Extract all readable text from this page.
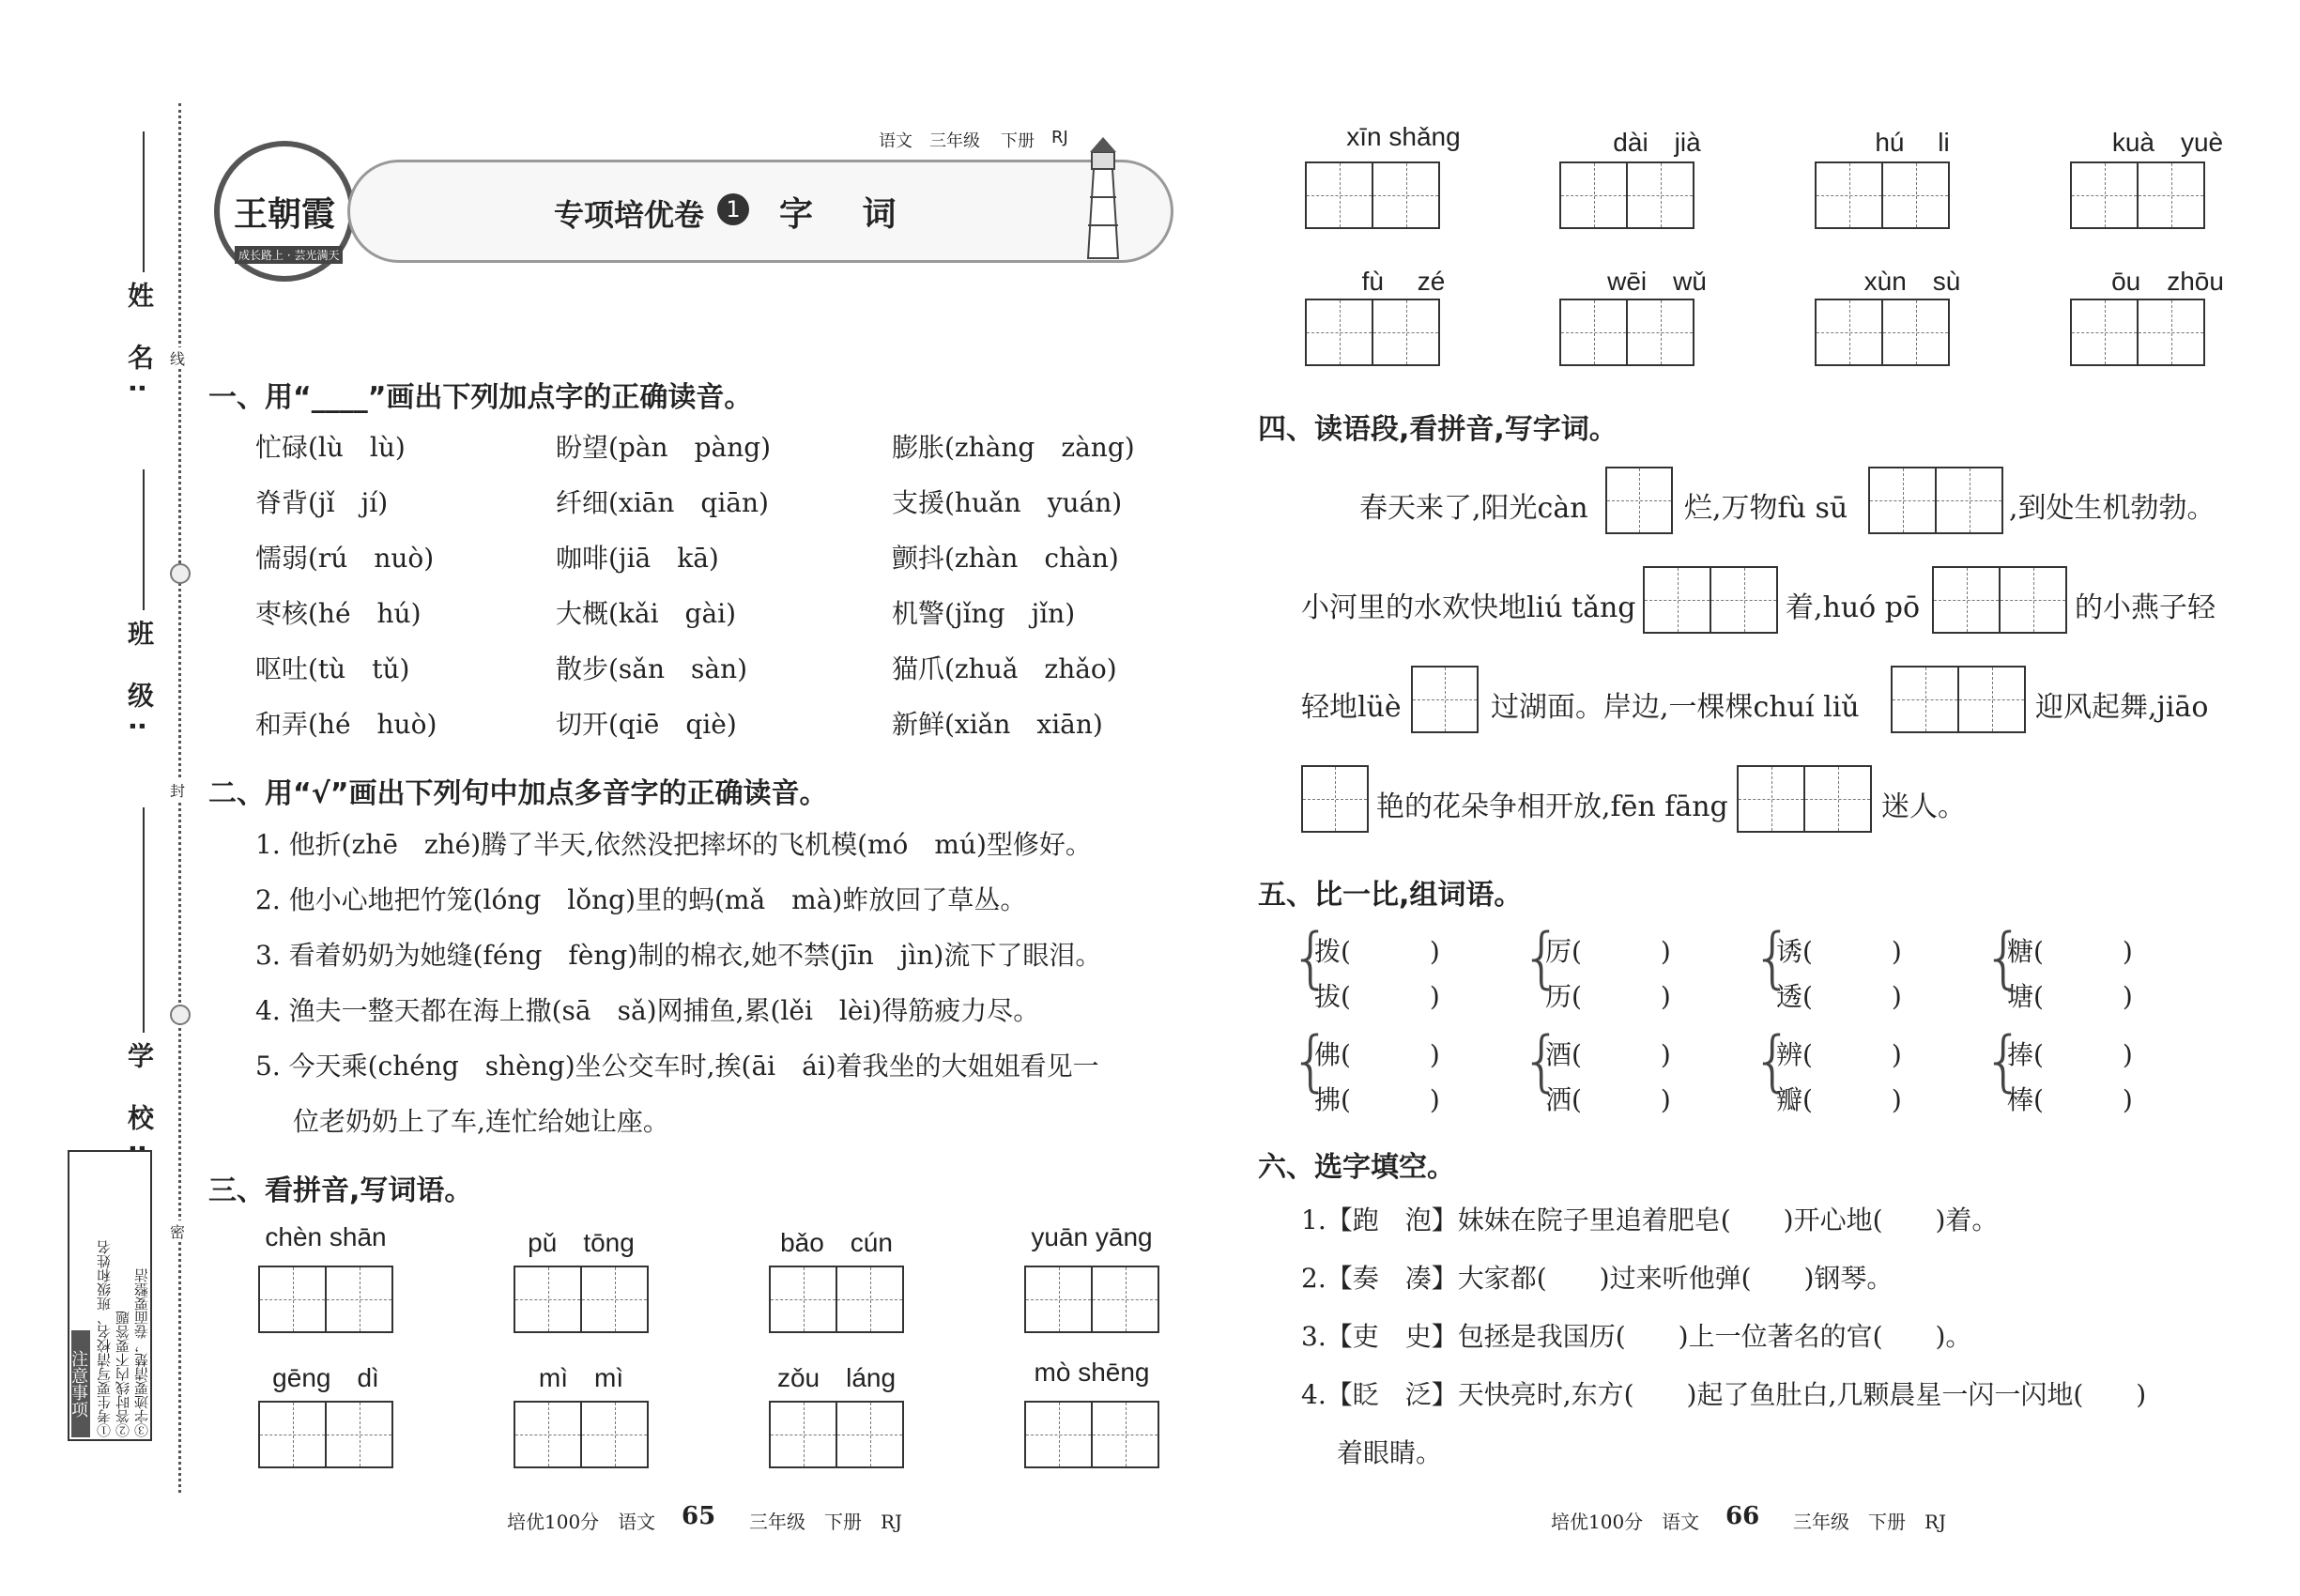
姓 名:
班 级:
学 校:
线
封
密
注意事项 ①考生要写清校名、班级和姓名 ②答时线内不要答题 ③字迹要清楚，卷面要整洁
王朝霞
成长路上 · 芸光满天
语文 三年级 下册 RJ
专项培优卷 1 字 词
一、用“____”画出下列加点字的正确读音。
忙碌(lù　lù)	盼望(pàn　pàng)	膨胀(zhàng　zàng)
脊背(jǐ　jí)	纤细(xiān　qiān)	支援(huǎn　yuán)
懦弱(rú　nuò)	咖啡(jiā　kā)	颤抖(zhàn　chàn)
枣核(hé　hú)	大概(kǎi　gài)	机警(jǐng　jǐn)
呕吐(tù　tǔ)	散步(sǎn　sàn)	猫爪(zhuǎ　zhǎo)
和弄(hé　huò)	切开(qiē　qiè)	新鲜(xiǎn　xiān)
二、用“√”画出下列句中加点多音字的正确读音。
1. 他折(zhē　zhé)腾了半天,依然没把摔坏的飞机模(mó　mú)型修好。
2. 他小心地把竹笼(lóng　lǒng)里的蚂(mǎ　mà)蚱放回了草丛。
3. 看着奶奶为她缝(féng　fèng)制的棉衣,她不禁(jīn　jìn)流下了眼泪。
4. 渔夫一整天都在海上撒(sā　sǎ)网捕鱼,累(lěi　lèi)得筋疲力尽。
5. 今天乘(chéng　shèng)坐公交车时,挨(āi　ái)着我坐的大姐姐看见一
位老奶奶上了车,连忙给她让座。
三、看拼音,写词语。
chèn shān	pǔ　tōng	bǎo　cún	yuān yāng
gēng　dì	mì　mì	zǒu　láng	mò shēng
培优100分　语文 65 三年级　下册　RJ
xīn shǎng	dài　jià	hú　 li	kuà　yuè
fù　 zé	wēi　wǔ	xùn　sù	ōu　zhōu
四、读语段,看拼音,写字词。
春天来了,阳光càn	烂,万物fù sū	,到处生机勃勃。
小河里的水欢快地liú tǎng	着,huó pō	的小燕子轻
轻地lüè	过湖面。岸边,一棵棵chuí liǔ	迎风起舞,jiāo
艳的花朵争相开放,fēn fāng	迷人。
五、比一比,组词语。
{
拨(　　　)
拔(　　　)
{
厉(　　　)
历(　　　)
{
诱(　　　)
透(　　　)
{
糖(　　　)
塘(　　　)
{
佛(　　　)
拂(　　　)
{
酒(　　　)
洒(　　　)
{
辨(　　　)
瓣(　　　)
{
捧(　　　)
棒(　　　)
六、选字填空。
1.【跑　泡】妹妹在院子里追着肥皂(　　)开心地(　　)着。
2.【奏　凑】大家都(　　)过来听他弹(　　)钢琴。
3.【吏　史】包拯是我国历(　　)上一位著名的官(　　)。
4.【眨　泛】天快亮时,东方(　　)起了鱼肚白,几颗晨星一闪一闪地(　　)
着眼睛。
培优100分　语文 66 三年级　下册　RJ
